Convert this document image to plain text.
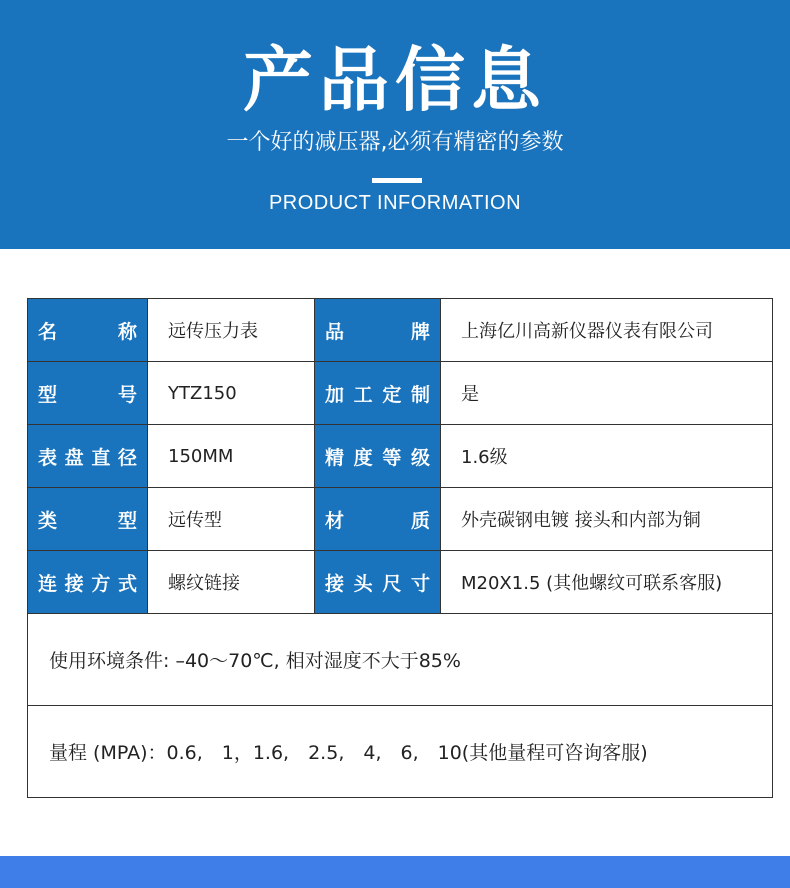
产品信息
一个好的减压器,必须有精密的参数
PRODUCT INFORMATION
名 称	远传压力表	品 牌	上海亿川高新仪器仪表有限公司

型 号	YTZ150	加 工 定 制	是

表 盘 直 径	150MM	精 度 等 级	1.6级

类 型	远传型	材 质	外壳碳钢电镀 接头和内部为铜

连 接 方 式	螺纹链接	接 头 尺 寸	M20X1.5 (其他螺纹可联系客服)
使用环境条件: –40～70℃, 相对湿度不大于85%			
量程 (MPA)：0.6,　1，1.6,　2.5,　4,　6,　10(其他量程可咨询客服)			
